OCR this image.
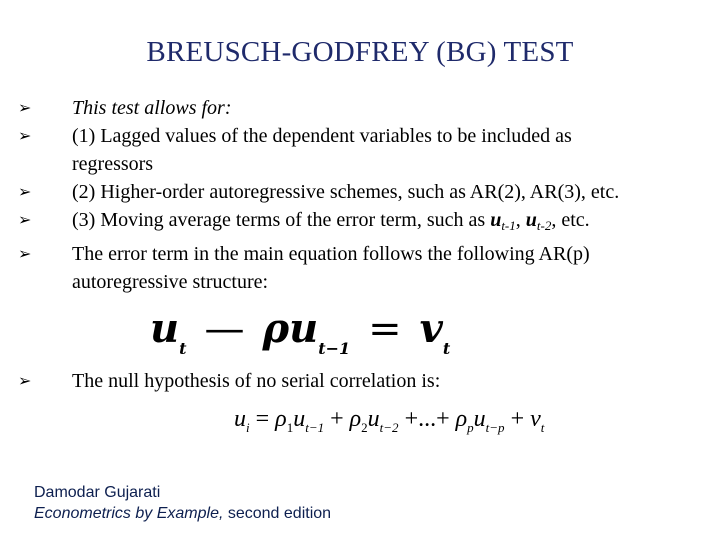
BREUSCH-GODFREY (BG) TEST
➢	This test allows for:
➢	(1) Lagged values of the dependent variables to be included as
regressors
➢	(2) Higher-order autoregressive schemes, such as AR(2), AR(3), etc.
➢	(3) Moving average terms of the error term, such as $u_{t-1}$, $u_{t-2}$, etc.
➢	The error term in the main equation follows the following AR(p)
autoregressive structure:
$u_t$ — $\rho u_{t-1} = v_t$
➢	The null hypothesis of no serial correlation is:
$u_i = \rho_1u_{t-1} + \rho_2u_{t-2}$ +...+ $\rho_pu_{t-p} + v_t$
Damodar Gujarati
Econometrics by Example, second edition
